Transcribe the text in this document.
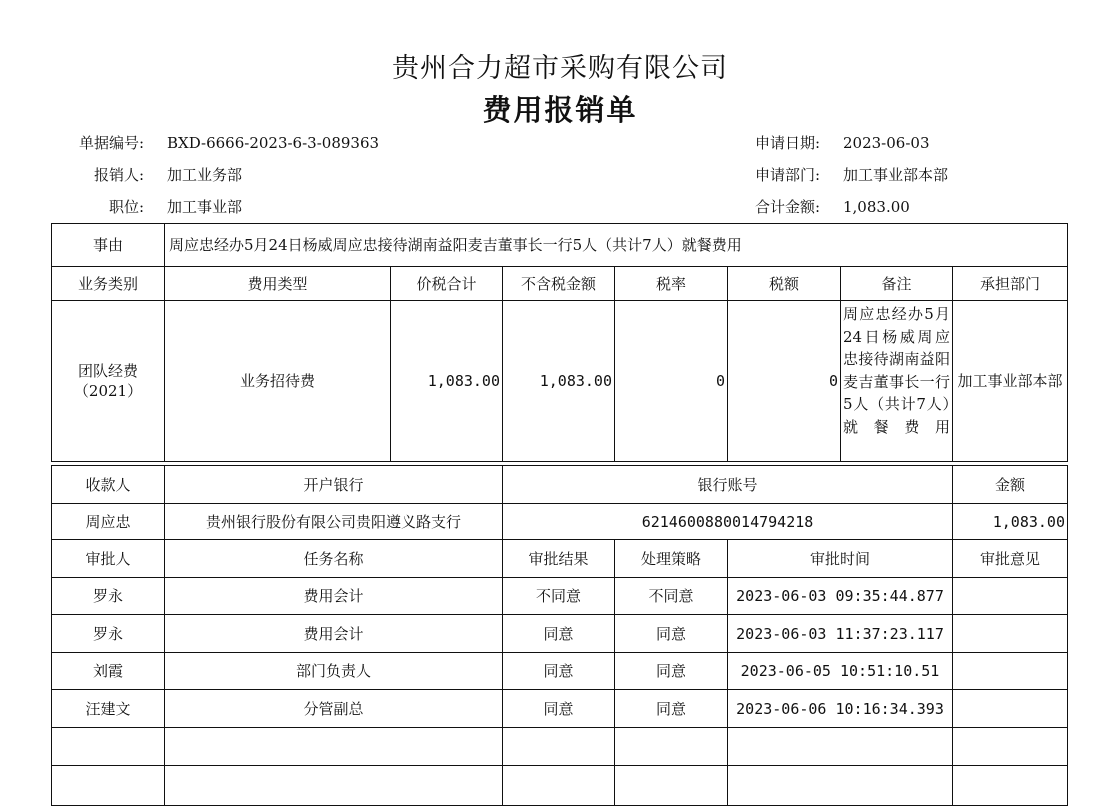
贵州合力超市采购有限公司
费用报销单
单据编号: BXD-6666-2023-6-3-089363
报销人: 加工业务部
职位: 加工事业部
申请日期: 2023-06-03
申请部门: 加工事业部本部
合计金额: 1,083.00
事由	周应忠经办5月24日杨威周应忠接待湖南益阳麦吉董事长一行5人（共计7人）就餐费用						
业务类别	费用类型	价税合计	不含税金额	税率	税额	备注	承担部门
团队经费（2021）	业务招待费	1,083.00	1,083.00	0	0	周应忠经办5月24日杨威周应忠接待湖南益阳麦吉董事长一行5人（共计7人）就餐费用	加工事业部本部
收款人	开户银行	银行账号			金额
周应忠	贵州银行股份有限公司贵阳遵义路支行	6214600880014794218			1,083.00
审批人	任务名称	审批结果	处理策略	审批时间	审批意见
罗永	费用会计	不同意	不同意	2023-06-03 09:35:44.877	
罗永	费用会计	同意	同意	2023-06-03 11:37:23.117	
刘霞	部门负责人	同意	同意	2023-06-05 10:51:10.51	
汪建文	分管副总	同意	同意	2023-06-06 10:16:34.393	
